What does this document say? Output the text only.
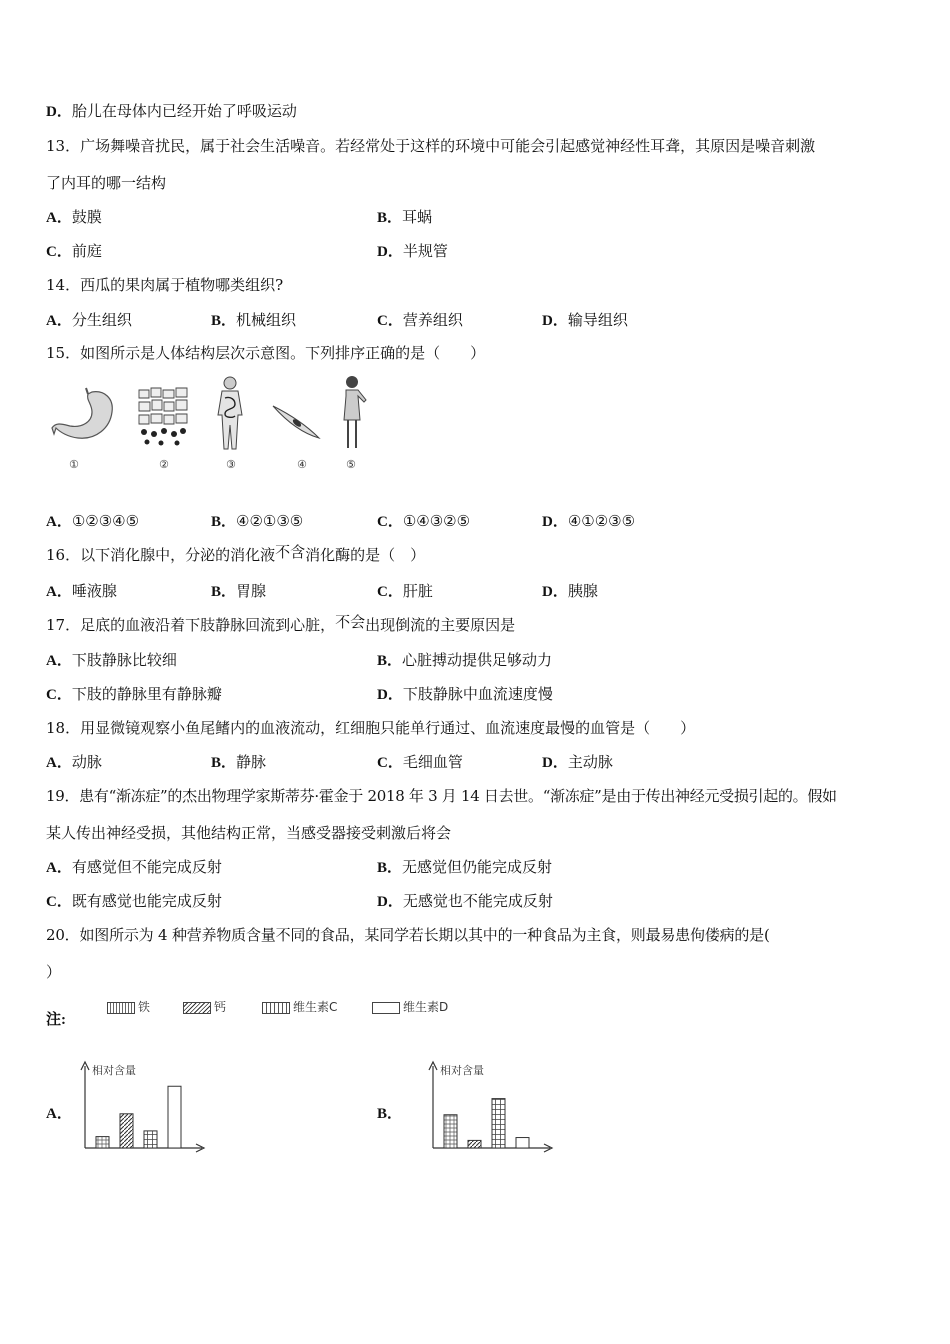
D．胎儿在母体内已经开始了呼吸运动
13．广场舞噪音扰民，属于社会生活噪音。若经常处于这样的环境中可能会引起感觉神经性耳聋，其原因是噪音刺激
了内耳的哪一结构
A．鼓膜	B．耳蜗
C．前庭	D．半规管
14．西瓜的果肉属于植物哪类组织?
A．分生组织	B．机械组织	C．营养组织	D．输导组织
15．如图所示是人体结构层次示意图。下列排序正确的是（　　）
①	②	③	④	⑤
A．①②③④⑤	B．④②①③⑤	C．①④③②⑤	D．④①②③⑤
16．以下消化腺中，分泌的消化液不含消化酶的是（　）
A．唾液腺	B．胃腺	C．肝脏	D．胰腺
17．足底的血液沿着下肢静脉回流到心脏，不会出现倒流的主要原因是
A．下肢静脉比较细	B．心脏搏动提供足够动力
C．下肢的静脉里有静脉瓣	D．下肢静脉中血流速度慢
18．用显微镜观察小鱼尾鳍内的血液流动，红细胞只能单行通过、血流速度最慢的血管是（　　）
A．动脉	B．静脉	C．毛细血管	D．主动脉
19．患有“渐冻症”的杰出物理学家斯蒂芬·霍金于 2018 年 3 月 14 日去世。“渐冻症”是由于传出神经元受损引起的。假如
某人传出神经受损，其他结构正常，当感受器接受刺激后将会
A．有感觉但不能完成反射	B．无感觉但仍能完成反射
C．既有感觉也能完成反射	D．无感觉也不能完成反射
20．如图所示为 4 种营养物质含量不同的食品，某同学若长期以其中的一种食品为主食，则最易患佝偻病的是(
）
注:
铁	钙	维生素C	维生素D
A．	B．
相对含量	相对含量
